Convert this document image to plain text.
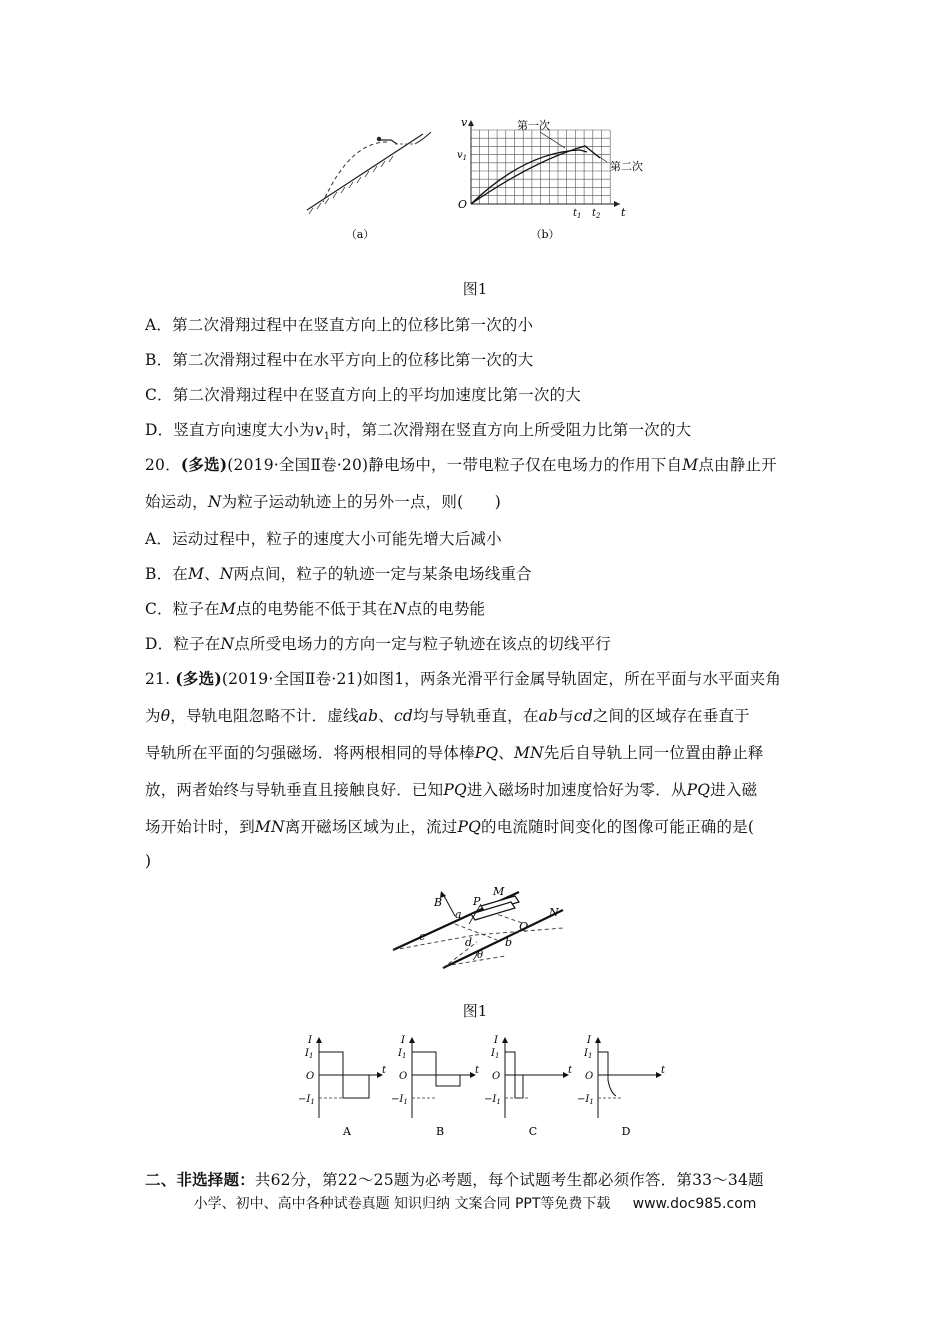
（a）
v
t
O
$v_1$
$t_1$ $t_2$
第一次
第二次
（b）
图1
A．第二次滑翔过程中在竖直方向上的位移比第一次的小
B．第二次滑翔过程中在水平方向上的位移比第一次的大
C．第二次滑翔过程中在竖直方向上的平均加速度比第一次的大
D．竖直方向速度大小为$v_1$时，第二次滑翔在竖直方向上所受阻力比第一次的大
20．(多选)(2019·全国Ⅱ卷·20)静电场中，一带电粒子仅在电场力的作用下自M点由静止开
始运动，N为粒子运动轨迹上的另外一点，则(　　)
A．运动过程中，粒子的速度大小可能先增大后减小
B．在M、N两点间，粒子的轨迹一定与某条电场线重合
C．粒子在M点的电势能不低于其在N点的电势能
D．粒子在N点所受电场力的方向一定与粒子轨迹在该点的切线平行
21. (多选)(2019·全国Ⅱ卷·21)如图1，两条光滑平行金属导轨固定，所在平面与水平面夹角
为θ，导轨电阻忽略不计．虚线ab、cd均与导轨垂直，在ab与cd之间的区域存在垂直于
导轨所在平面的匀强磁场．将两根相同的导体棒PQ、MN先后自导轨上同一位置由静止释
放，两者始终与导轨垂直且接触良好．已知PQ进入磁场时加速度恰好为零．从PQ进入磁
场开始计时，到MN离开磁场区域为止，流过PQ的电流随时间变化的图像可能正确的是(
)
B
a
P
M
N
Q
c	d	b
θ
图1
I
$I_1$
O
$-I_1$
t
A
I
$I_1$
O
$-I_1$
t
B
I
$I_1$
O
$-I_1$
t
C
I
$I_1$
O
$-I_1$
t
D
二、非选择题：共62分，第22～25题为必考题，每个试题考生都必须作答．第33～34题
小学、初中、高中各种试卷真题 知识归纳 文案合同 PPT等免费下载 www.doc985.com
